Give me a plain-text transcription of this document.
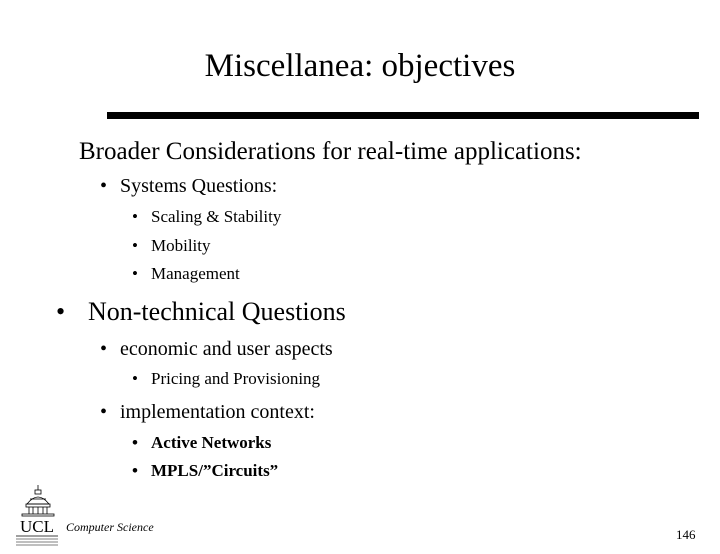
Miscellanea: objectives
Broader Considerations for real-time applications:
• Systems Questions:
• Scaling & Stability
• Mobility
• Management
• Non-technical Questions
• economic and user aspects
• Pricing and Provisioning
• implementation context:
• Active Networks
• MPLS/”Circuits”
UCL Computer Science	146
